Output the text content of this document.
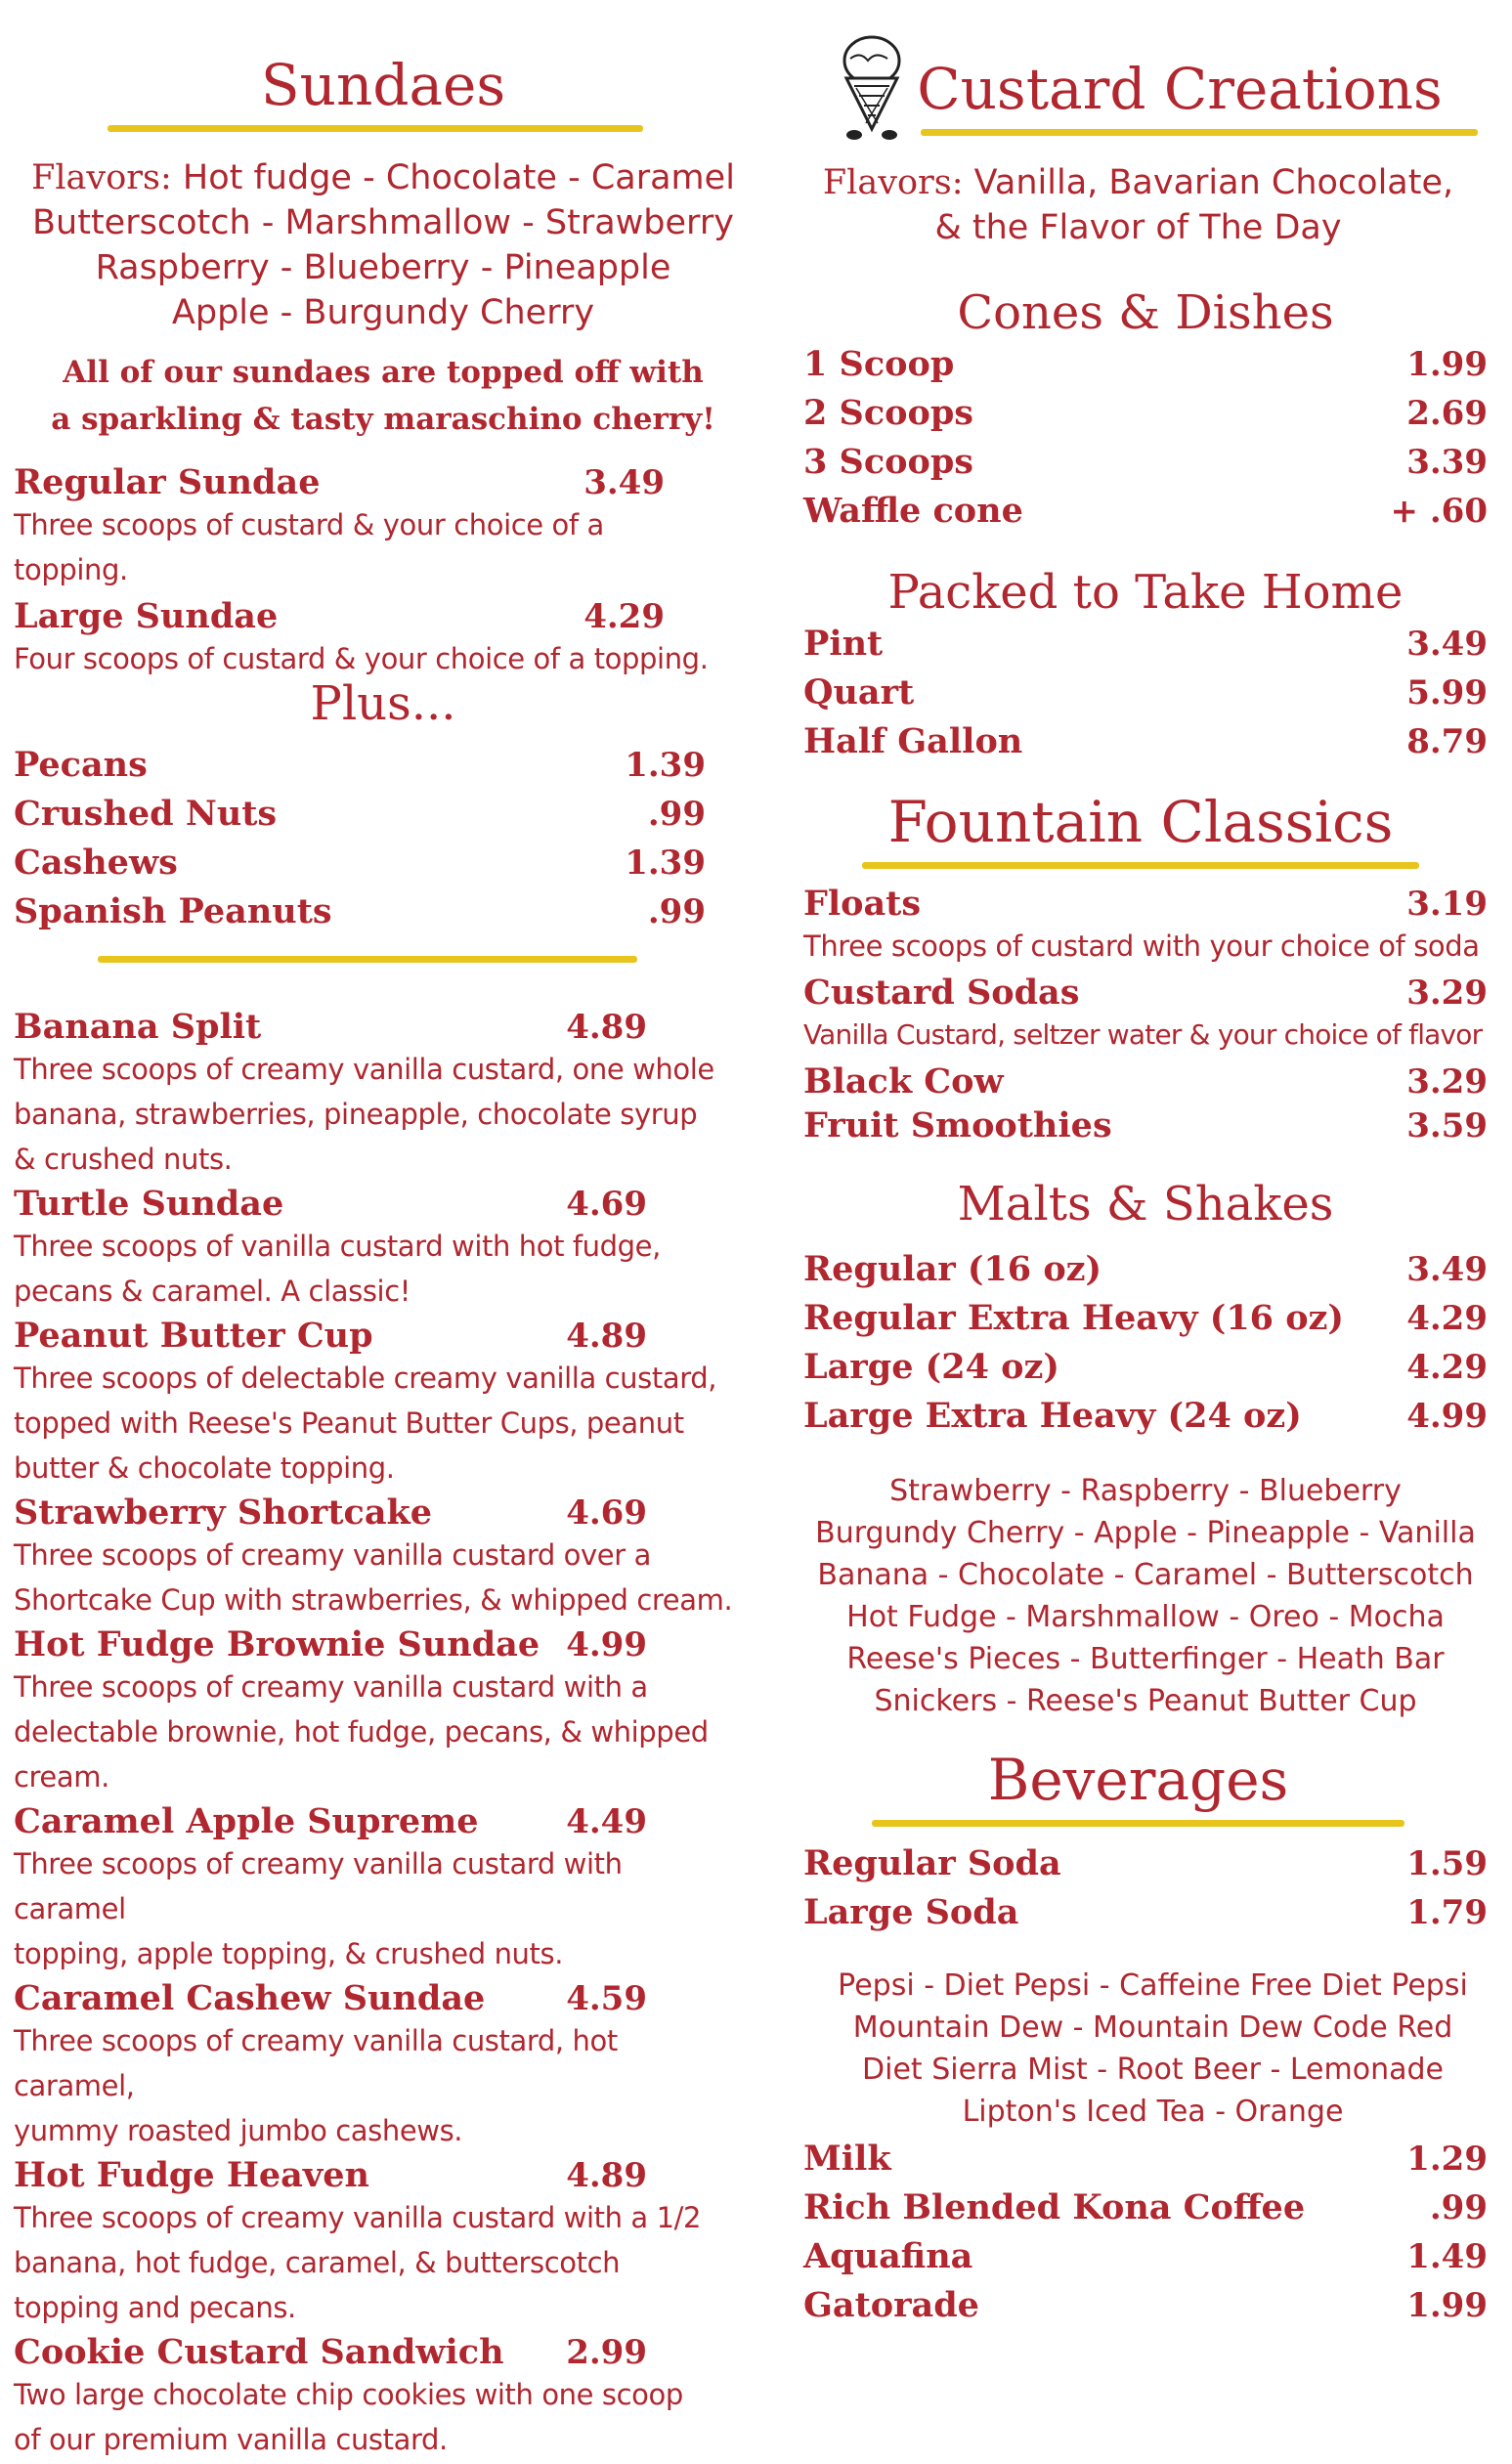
Sundaes
Flavors: Hot fudge - Chocolate - Caramel
Butterscotch - Marshmallow - Strawberry
Raspberry - Blueberry - Pineapple
Apple - Burgundy Cherry
All of our sundaes are topped off with
a sparkling & tasty maraschino cherry!
Regular Sundae	3.49
Three scoops of custard & your choice of a topping.
Large Sundae	4.29
Four scoops of custard & your choice of a topping.
Plus...
Pecans	1.39
Crushed Nuts	.99
Cashews	1.39
Spanish Peanuts	.99
Banana Split	4.89
Three scoops of creamy vanilla custard, one whole
banana, strawberries, pineapple, chocolate syrup
& crushed nuts.
Turtle Sundae	4.69
Three scoops of vanilla custard with hot fudge,
pecans & caramel. A classic!
Peanut Butter Cup	4.89
Three scoops of delectable creamy vanilla custard,
topped with Reese's Peanut Butter Cups, peanut
butter & chocolate topping.
Strawberry Shortcake	4.69
Three scoops of creamy vanilla custard over a
Shortcake Cup with strawberries, & whipped cream.
Hot Fudge Brownie Sundae 4.99
Three scoops of creamy vanilla custard with a
delectable brownie, hot fudge, pecans, & whipped cream.
Caramel Apple Supreme	4.49
Three scoops of creamy vanilla custard with caramel
topping, apple topping, & crushed nuts.
Caramel Cashew Sundae 4.59
Three scoops of creamy vanilla custard, hot caramel,
yummy roasted jumbo cashews.
Hot Fudge Heaven	4.89
Three scoops of creamy vanilla custard with a 1/2
banana, hot fudge, caramel, & butterscotch
topping and pecans.
Cookie Custard Sandwich 2.99
Two large chocolate chip cookies with one scoop
of our premium vanilla custard.
Custard Creations
Flavors: Vanilla, Bavarian Chocolate,
& the Flavor of The Day
Cones & Dishes
1 Scoop	1.99
2 Scoops	2.69
3 Scoops	3.39
Waffle cone	+ .60
Packed to Take Home
Pint	3.49
Quart	5.99
Half Gallon	8.79
Fountain Classics
Floats	3.19
Three scoops of custard with your choice of soda
Custard Sodas	3.29
Vanilla Custard, seltzer water & your choice of flavor
Black Cow	3.29
Fruit Smoothies	3.59
Malts & Shakes
Regular (16 oz)	3.49
Regular Extra Heavy (16 oz) 4.29
Large (24 oz)	4.29
Large Extra Heavy (24 oz)	4.99
Strawberry - Raspberry - Blueberry
Burgundy Cherry - Apple - Pineapple - Vanilla
Banana - Chocolate - Caramel - Butterscotch
Hot Fudge - Marshmallow - Oreo - Mocha
Reese's Pieces - Butterfinger - Heath Bar
Snickers - Reese's Peanut Butter Cup
Beverages
Regular Soda	1.59
Large Soda	1.79
Pepsi - Diet Pepsi - Caffeine Free Diet Pepsi
Mountain Dew - Mountain Dew Code Red
Diet Sierra Mist - Root Beer - Lemonade
Lipton's Iced Tea - Orange
Milk	1.29
Rich Blended Kona Coffee	.99
Aquafina	1.49
Gatorade	1.99
